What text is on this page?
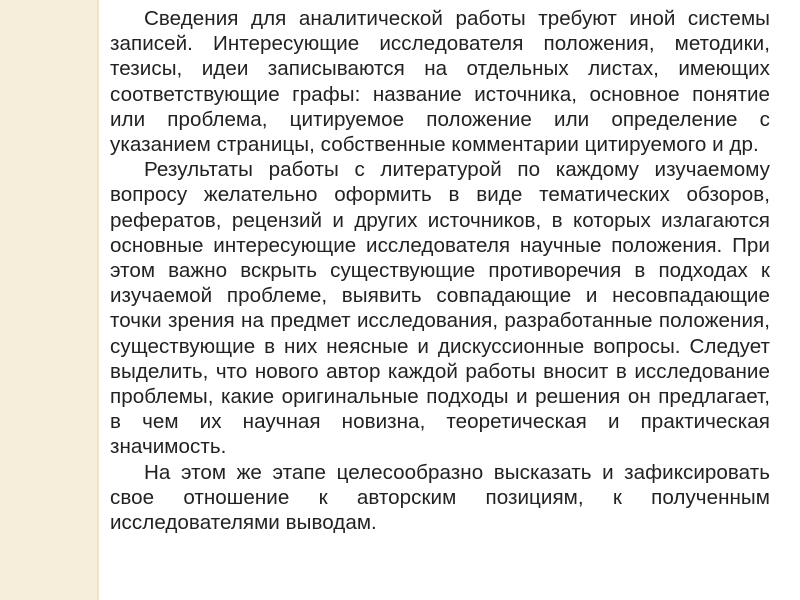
Сведения для аналитической работы требуют иной системы записей. Интересующие исследователя положения, методики, тезисы, идеи записываются на отдельных листах, имеющих соответствующие графы: название источника, основное понятие или проблема, цитируемое положение или определение с указанием страницы, собственные комментарии цитируемого и др.

Результаты работы с литературой по каждому изучаемому вопросу желательно оформить в виде тематических обзоров, рефератов, рецензий и других источников, в которых излагаются основные интересующие исследователя научные положения. При этом важно вскрыть существующие противоречия в подходах к изучаемой проблеме, выявить совпадающие и несовпадающие точки зрения на предмет исследования, разработанные положения, существующие в них неясные и дискуссионные вопросы. Следует выделить, что нового автор каждой работы вносит в исследование проблемы, какие оригинальные подходы и решения он предлагает, в чем их научная новизна, теоретическая и практическая значимость.

На этом же этапе целесообразно высказать и зафиксировать свое отношение к авторским позициям, к полученным исследователями выводам.
